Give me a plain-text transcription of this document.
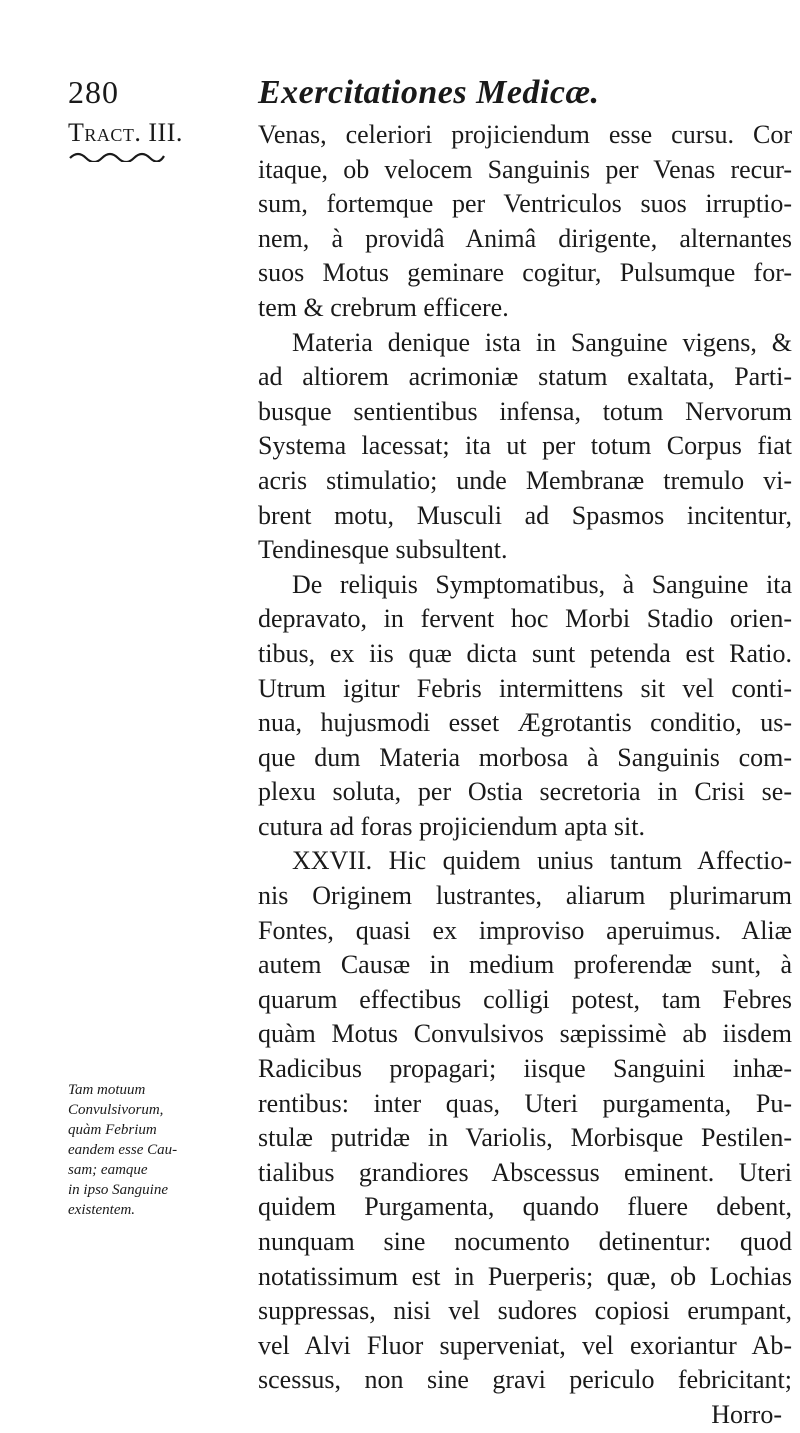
280	Exercitationes Medicæ.
Tract. III.	Venas, celeriori projiciendum esse cursu. Cor
itaque, ob velocem Sanguinis per Venas recur-
sum, fortemque per Ventriculos suos irruptio-
nem, à providâ Animâ dirigente, alternantes
suos Motus geminare cogitur, Pulsumque for-
tem & crebrum efficere.
Materia denique ista in Sanguine vigens, &
ad altiorem acrimoniæ statum exaltata, Parti-
busque sentientibus infensa, totum Nervorum
Systema lacessat; ita ut per totum Corpus fiat
acris stimulatio; unde Membranæ tremulo vi-
brent motu, Musculi ad Spasmos incitentur,
Tendinesque subsultent.
De reliquis Symptomatibus, à Sanguine ita
depravato, in fervent hoc Morbi Stadio orien-
tibus, ex iis quæ dicta sunt petenda est Ratio.
Utrum igitur Febris intermittens sit vel conti-
nua, hujusmodi esset Ægrotantis conditio, us-
que dum Materia morbosa à Sanguinis com-
plexu soluta, per Ostia secretoria in Crisi se-
cutura ad foras projiciendum apta sit.
XXVII. Hic quidem unius tantum Affectio-
nis Originem lustrantes, aliarum plurimarum
Fontes, quasi ex improviso aperuimus. Aliæ
autem Causæ in medium proferendæ sunt, à
quarum effectibus colligi potest, tam Febres
quàm Motus Convulsivos sæpissimè ab iisdem
Radicibus propagari; iisque Sanguini inhæ-
rentibus: inter quas, Uteri purgamenta, Pu-
stulæ putridæ in Variolis, Morbisque Pestilen-
tialibus grandiores Abscessus eminent. Uteri
quidem Purgamenta, quando fluere debent,
nunquam sine nocumento detinentur: quod
notatissimum est in Puerperis; quæ, ob Lochias
suppressas, nisi vel sudores copiosi erumpant,
vel Alvi Fluor superveniat, vel exoriantur Ab-
scessus, non sine gravi periculo febricitant;
Horro-
Tam motuum
Convulsivorum,
quàm Febrium
eandem esse Cau-
sam; eamque
in ipso Sanguine
existentem.
